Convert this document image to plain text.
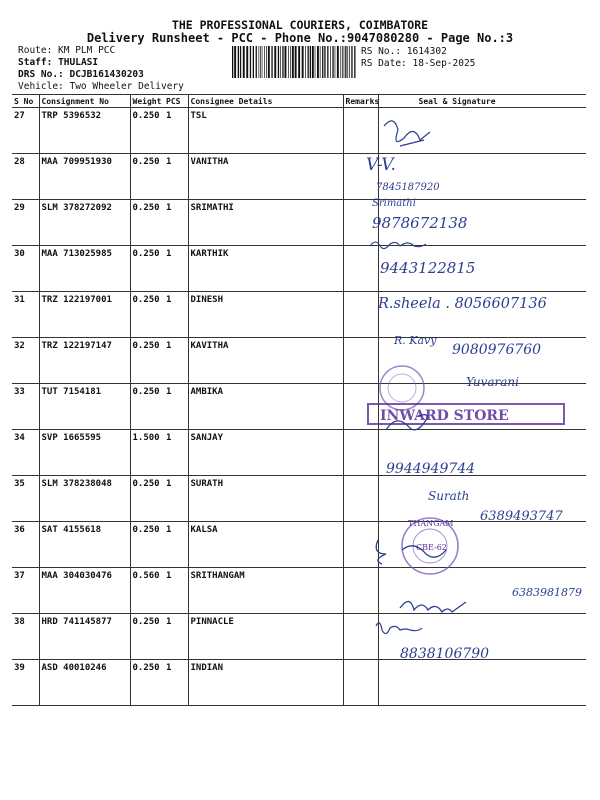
THE PROFESSIONAL COURIERS, COIMBATORE
Delivery Runsheet - PCC - Phone No.:9047080280 - Page No.:3
Route: KM PLM PCC
Staff: THULASI
DRS No.: DCJB161430203
Vehicle: Two Wheeler Delivery
RS No.: 1614302
RS Date: 18-Sep-2025
S No	Consignment No	Weight	PCS	Consignee Details	Remarks	Seal & Signature
27	TRP 5396532	0.250	1	TSL		
28	MAA 709951930	0.250	1	VANITHA		
29	SLM 378272092	0.250	1	SRIMATHI		
30	MAA 713025985	0.250	1	KARTHIK		
31	TRZ 122197001	0.250	1	DINESH		
32	TRZ 122197147	0.250	1	KAVITHA		
33	TUT 7154181	0.250	1	AMBIKA		
34	SVP 1665595	1.500	1	SANJAY		
35	SLM 378238048	0.250	1	SURATH		
36	SAT 4155618	0.250	1	KALSA		
37	MAA 304030476	0.560	1	SRITHANGAM		
38	HRD 741145877	0.250	1	PINNACLE		
39	ASD 40010246	0.250	1	INDIAN		
V-V.
7845187920
Srimathi
9878672138
9443122815
R.sheela . 8056607136
R. Kavy
9080976760
Yuvarani
INWARD STORE
9944949744
Surath
6389493747
THANGAM
CBE-62
6383981879
8838106790
